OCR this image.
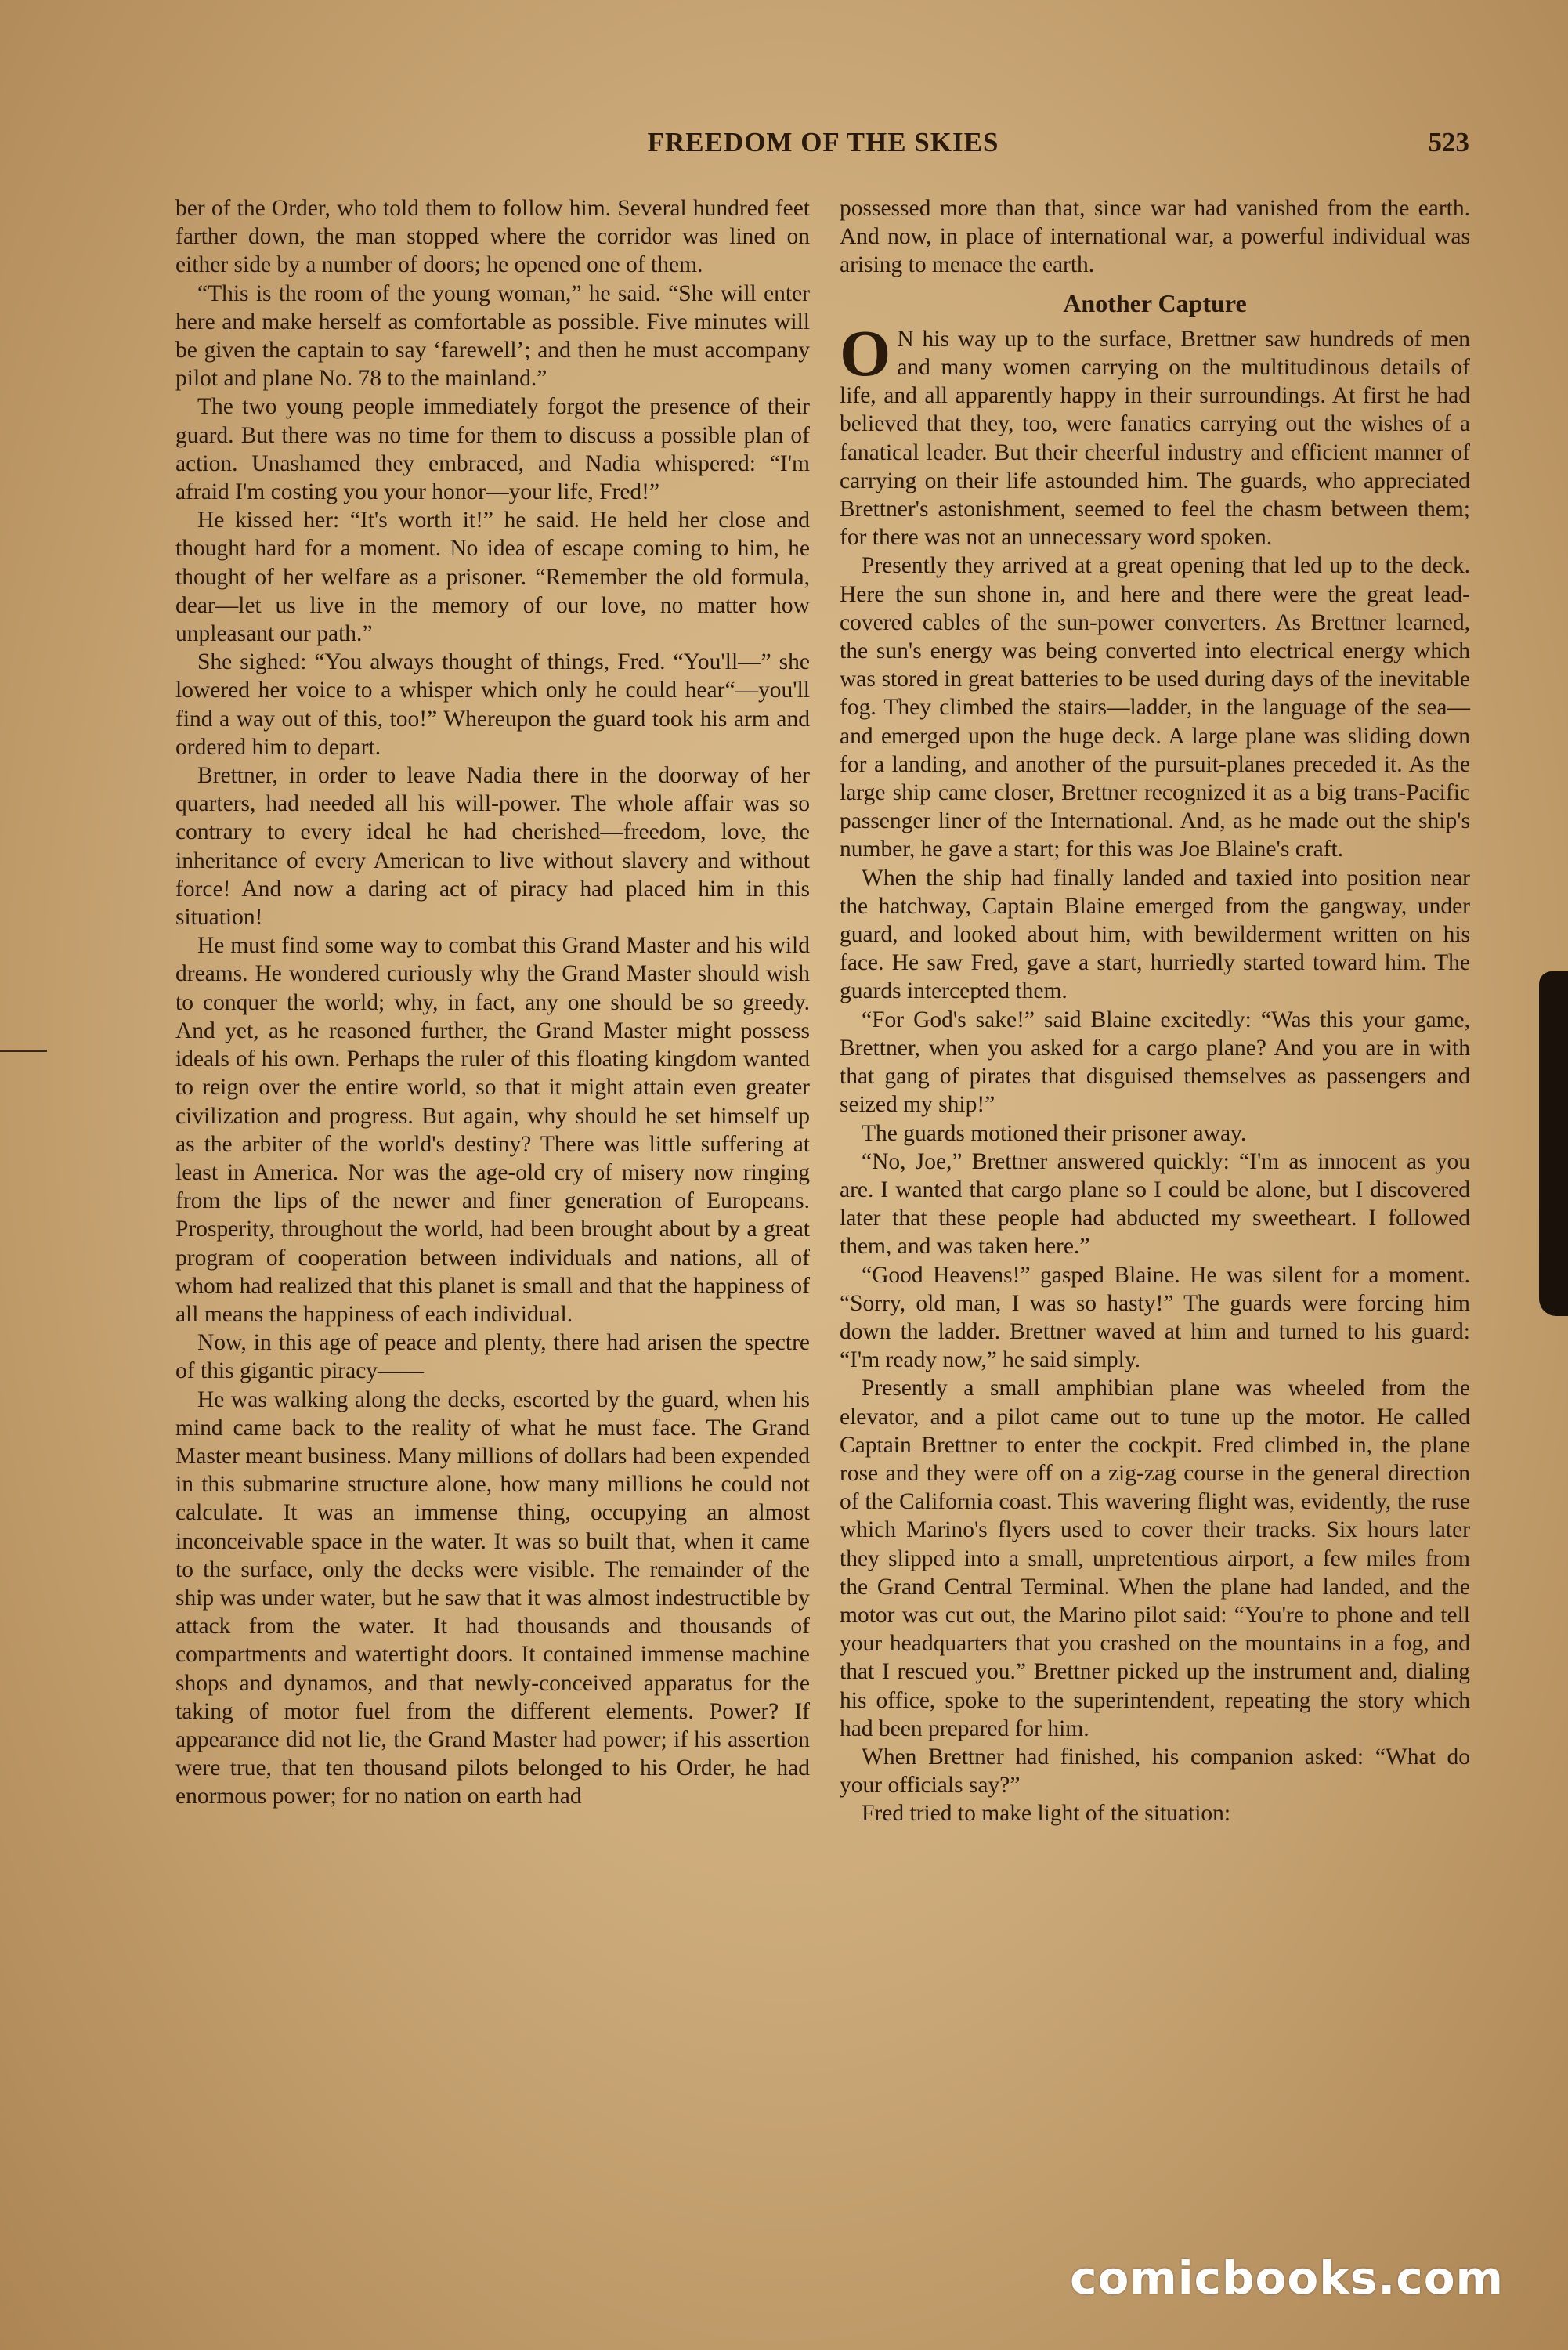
FREEDOM OF THE SKIES	523

ber of the Order, who told them to follow him. Several hundred feet farther down, the man stopped where the corridor was lined on either side by a number of doors; he opened one of them.

“This is the room of the young woman,” he said. “She will enter here and make herself as comfortable as possible. Five minutes will be given the captain to say ‘farewell’; and then he must accompany pilot and plane No. 78 to the mainland.”

The two young people immediately forgot the presence of their guard. But there was no time for them to discuss a possible plan of action. Unashamed they embraced, and Nadia whispered: “I'm afraid I'm costing you your honor—your life, Fred!”

He kissed her: “It's worth it!” he said. He held her close and thought hard for a moment. No idea of escape coming to him, he thought of her welfare as a prisoner. “Remember the old formula, dear—let us live in the memory of our love, no matter how unpleasant our path.”

She sighed: “You always thought of things, Fred. “You'll—” she lowered her voice to a whisper which only he could hear“—you'll find a way out of this, too!” Whereupon the guard took his arm and ordered him to depart.

Brettner, in order to leave Nadia there in the doorway of her quarters, had needed all his will-power. The whole affair was so contrary to every ideal he had cherished—freedom, love, the inheritance of every American to live without slavery and without force! And now a daring act of piracy had placed him in this situation!

He must find some way to combat this Grand Master and his wild dreams. He wondered curiously why the Grand Master should wish to conquer the world; why, in fact, any one should be so greedy. And yet, as he reasoned further, the Grand Master might possess ideals of his own. Perhaps the ruler of this floating kingdom wanted to reign over the entire world, so that it might attain even greater civilization and progress. But again, why should he set himself up as the arbiter of the world's destiny? There was little suffering at least in America. Nor was the age-old cry of misery now ringing from the lips of the newer and finer generation of Europeans. Prosperity, throughout the world, had been brought about by a great program of cooperation between individuals and nations, all of whom had realized that this planet is small and that the happiness of all means the happiness of each individual.

Now, in this age of peace and plenty, there had arisen the spectre of this gigantic piracy——

He was walking along the decks, escorted by the guard, when his mind came back to the reality of what he must face. The Grand Master meant business. Many millions of dollars had been expended in this submarine structure alone, how many millions he could not calculate. It was an immense thing, occupying an almost inconceivable space in the water. It was so built that, when it came to the surface, only the decks were visible. The remainder of the ship was under water, but he saw that it was almost indestructible by attack from the water. It had thousands and thousands of compartments and watertight doors. It contained immense machine shops and dynamos, and that newly-conceived apparatus for the taking of motor fuel from the different elements. Power? If appearance did not lie, the Grand Master had power; if his assertion were true, that ten thousand pilots belonged to his Order, he had enormous power; for no nation on earth had

possessed more than that, since war had vanished from the earth. And now, in place of international war, a powerful individual was arising to menace the earth.

Another Capture

O N his way up to the surface, Brettner saw hundreds of men and many women carrying on the multitudinous details of life, and all apparently happy in their surroundings. At first he had believed that they, too, were fanatics carrying out the wishes of a fanatical leader. But their cheerful industry and efficient manner of carrying on their life astounded him. The guards, who appreciated Brettner's astonishment, seemed to feel the chasm between them; for there was not an unnecessary word spoken.

Presently they arrived at a great opening that led up to the deck. Here the sun shone in, and here and there were the great lead-covered cables of the sun-power converters. As Brettner learned, the sun's energy was being converted into electrical energy which was stored in great batteries to be used during days of the inevitable fog. They climbed the stairs—ladder, in the language of the sea—and emerged upon the huge deck. A large plane was sliding down for a landing, and another of the pursuit-planes preceded it. As the large ship came closer, Brettner recognized it as a big trans-Pacific passenger liner of the International. And, as he made out the ship's number, he gave a start; for this was Joe Blaine's craft.

When the ship had finally landed and taxied into position near the hatchway, Captain Blaine emerged from the gangway, under guard, and looked about him, with bewilderment written on his face. He saw Fred, gave a start, hurriedly started toward him. The guards intercepted them.

“For God's sake!” said Blaine excitedly: “Was this your game, Brettner, when you asked for a cargo plane? And you are in with that gang of pirates that disguised themselves as passengers and seized my ship!”

The guards motioned their prisoner away.

“No, Joe,” Brettner answered quickly: “I'm as innocent as you are. I wanted that cargo plane so I could be alone, but I discovered later that these people had abducted my sweetheart. I followed them, and was taken here.”

“Good Heavens!” gasped Blaine. He was silent for a moment. “Sorry, old man, I was so hasty!” The guards were forcing him down the ladder. Brettner waved at him and turned to his guard: “I'm ready now,” he said simply.

Presently a small amphibian plane was wheeled from the elevator, and a pilot came out to tune up the motor. He called Captain Brettner to enter the cockpit. Fred climbed in, the plane rose and they were off on a zig-zag course in the general direction of the California coast. This wavering flight was, evidently, the ruse which Marino's flyers used to cover their tracks. Six hours later they slipped into a small, unpretentious airport, a few miles from the Grand Central Terminal. When the plane had landed, and the motor was cut out, the Marino pilot said: “You're to phone and tell your headquarters that you crashed on the mountains in a fog, and that I rescued you.” Brettner picked up the instrument and, dialing his office, spoke to the superintendent, repeating the story which had been prepared for him.

When Brettner had finished, his companion asked: “What do your officials say?”

Fred tried to make light of the situation:

comicbooks.com
